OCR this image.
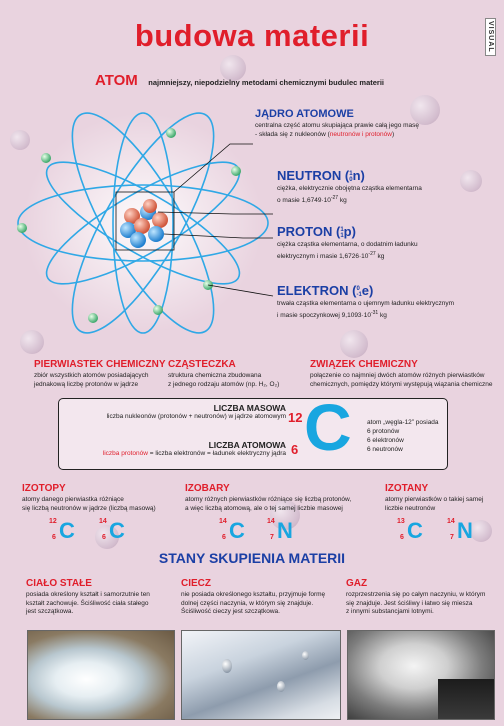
budowa materii	VISUAL
ATOM najmniejszy, niepodzielny metodami chemicznymi budulec materii
JĄDRO ATOMOWE
centralna część atomu skupiająca prawie całą jego masę
- składa się z nukleonów (neutronów i protonów)
NEUTRON ( 1
0 n)
ciężka, elektrycznie obojętna cząstka elementarna
o masie $1,6749\cdot 10^{-27}$ kg
PROTON ( 1
1 p)
ciężka cząstka elementarna, o dodatnim ładunku
elektrycznym i masie $1,6726\cdot 10^{-27}$ kg
ELEKTRON ( 0
-1 e)
trwała cząstka elementarna o ujemnym ładunku elektrycznym
i masie spoczynkowej $9,1093\cdot 10^{-31}$ kg
PIERWIASTEK CHEMICZNY
zbiór wszystkich atomów posiadających
jednakową liczbę protonów w jądrze
CZĄSTECZKA
struktura chemiczna zbudowana
z jednego rodzaju atomów (np. H₂, O₂)
ZWIĄZEK CHEMICZNY
połączenie co najmniej dwóch atomów różnych pierwiastków
chemicznych, pomiędzy którymi występują wiązania chemiczne
LICZBA MASOWA
liczba nukleonów (protonów + neutronów) w jądrze atomowym
LICZBA ATOMOWA
liczba protonów = liczba elektronów = ładunek elektryczny jądra
12
6 C atom „węgla-12” posiada
6 protonów
6 elektronów
6 neutronów
IZOTOPY
atomy danego pierwiastka różniące
się liczbą neutronów w jądrze (liczbą masową)
IZOBARY
atomy różnych pierwiastków różniące się liczbą protonów,
a więc liczbą atomową, ale o tej samej liczbie masowej
IZOTANY
atomy pierwiastków o takiej samej
liczbie neutronów
12
6 C	14
6 C	14
6 C	14
7 N	13
6 C	14
7 N
STANY SKUPIENIA MATERII
CIAŁO STAŁE
posiada określony kształt i samorzutnie ten
kształt zachowuje. Ściśliwość ciała stałego
jest szczątkowa.
CIECZ
nie posiada określonego kształtu, przyjmuje formę
dolnej części naczynia, w którym się znajduje.
Ściśliwość cieczy jest szczątkowa.
GAZ
rozprzestrzenia się po całym naczyniu, w którym
się znajduje. Jest ściśliwy i łatwo się miesza
z innymi substancjami lotnymi.
